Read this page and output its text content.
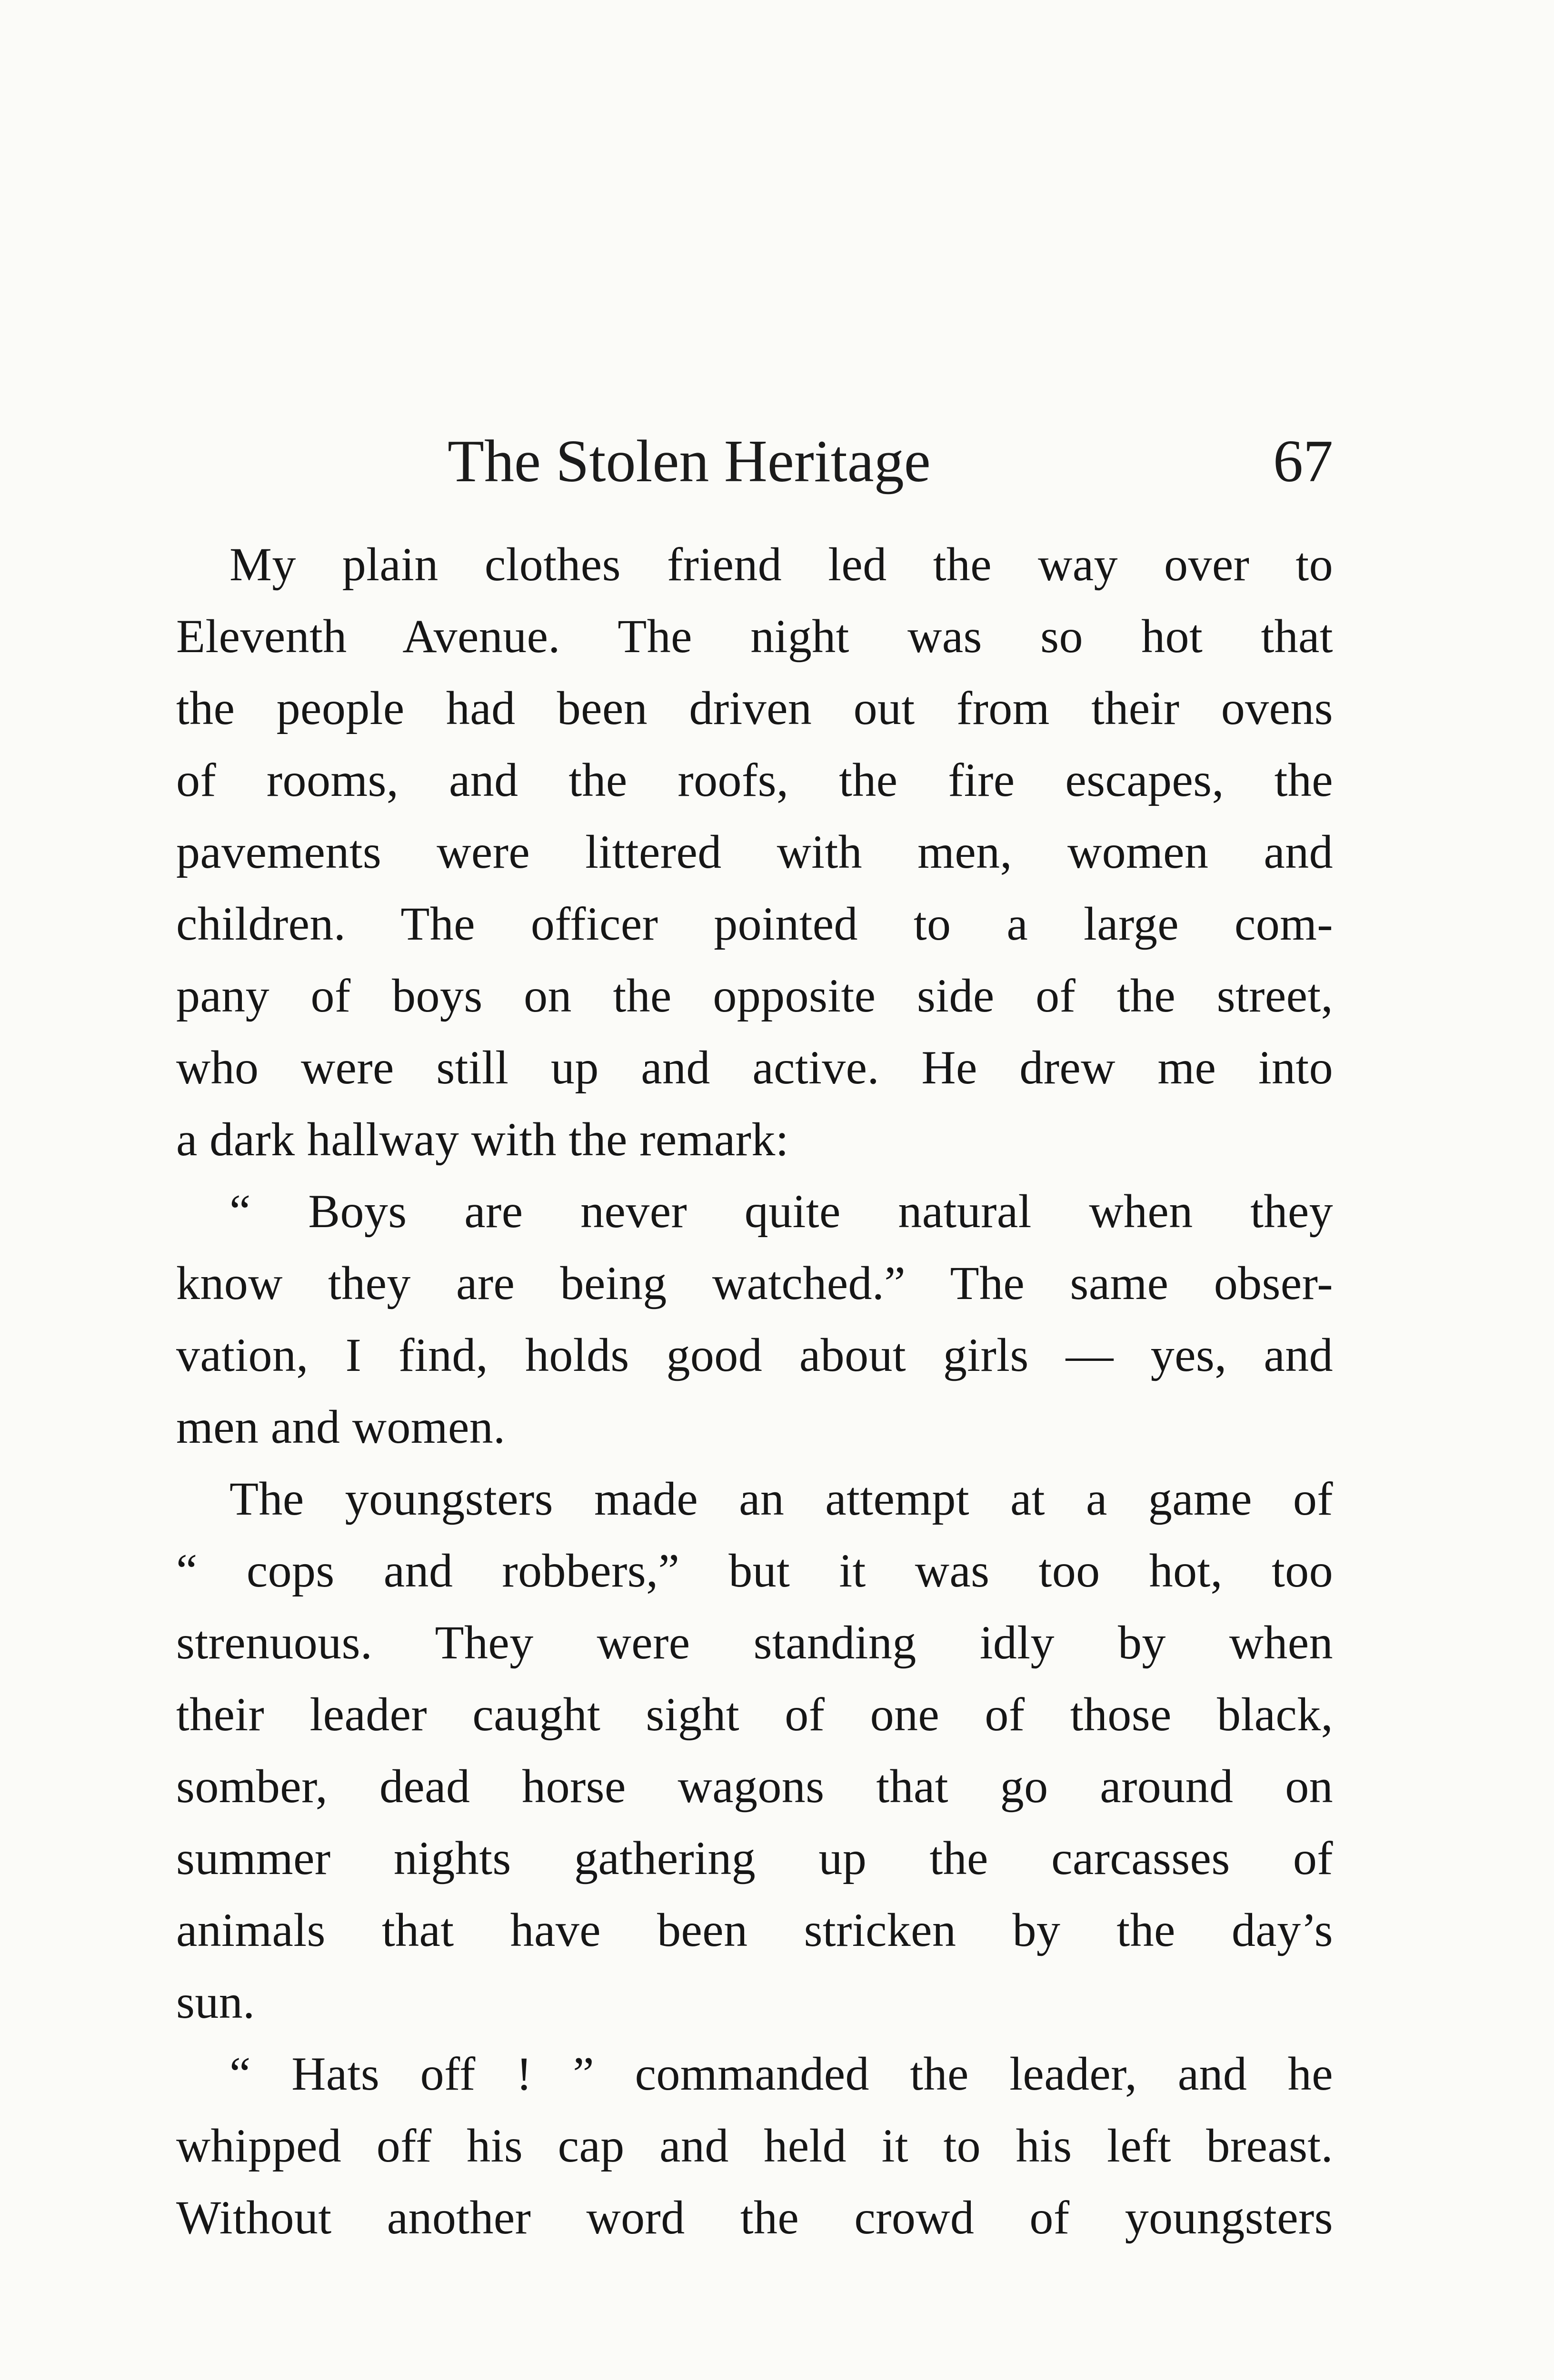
The Stolen Heritage	67
My plain clothes friend led the way over to
Eleventh Avenue. The night was so hot that
the people had been driven out from their ovens
of rooms, and the roofs, the fire escapes, the
pavements were littered with men, women and
children. The officer pointed to a large com-
pany of boys on the opposite side of the street,
who were still up and active. He drew me into
a dark hallway with the remark:
“ Boys are never quite natural when they
know they are being watched.” The same obser-
vation, I find, holds good about girls — yes, and
men and women.
The youngsters made an attempt at a game of
“ cops and robbers,” but it was too hot, too
strenuous. They were standing idly by when
their leader caught sight of one of those black,
somber, dead horse wagons that go around on
summer nights gathering up the carcasses of
animals that have been stricken by the day’s
sun.
“ Hats off ! ” commanded the leader, and he
whipped off his cap and held it to his left breast.
Without another word the crowd of youngsters
